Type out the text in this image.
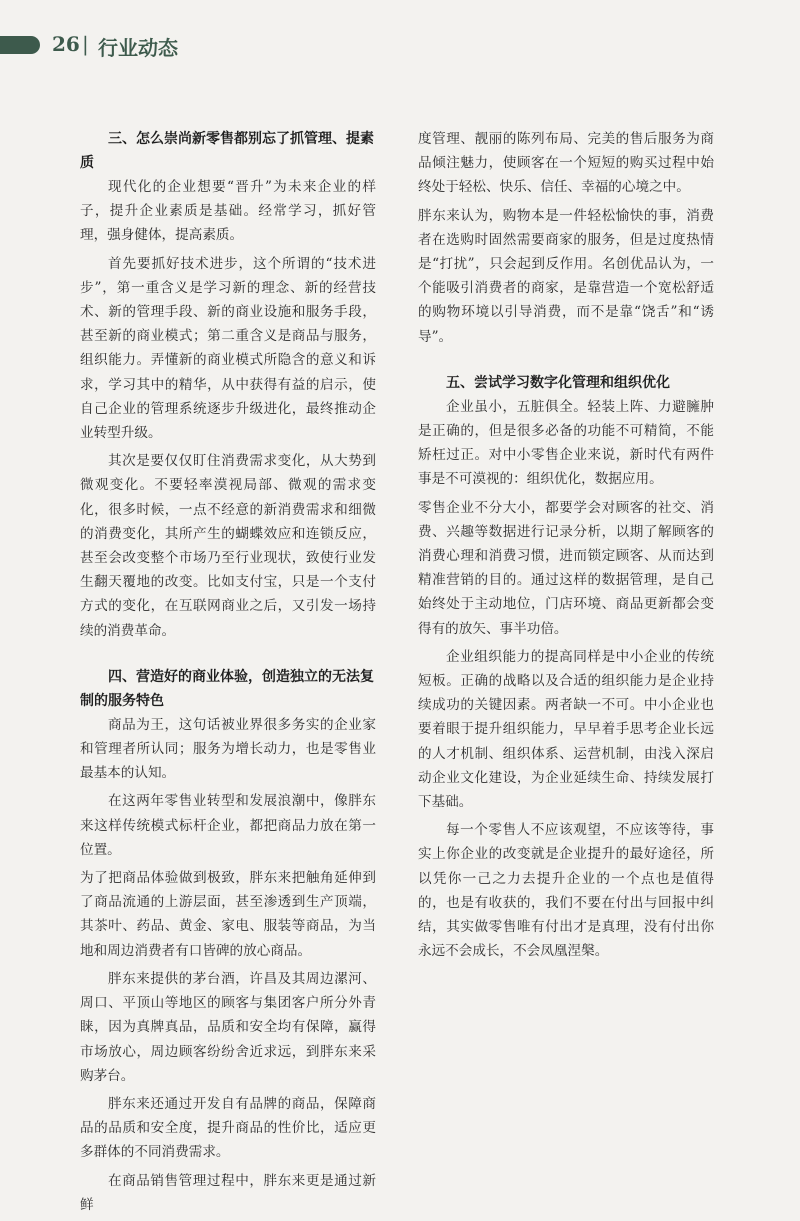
26 | 行业动态
三、怎么崇尚新零售都别忘了抓管理、提素质

现代化的企业想要“晋升”为未来企业的样子，提升企业素质是基础。经常学习，抓好管理，强身健体，提高素质。

首先要抓好技术进步，这个所谓的“技术进步”，第一重含义是学习新的理念、新的经营技术、新的管理手段、新的商业设施和服务手段，甚至新的商业模式；第二重含义是商品与服务，组织能力。弄懂新的商业模式所隐含的意义和诉求，学习其中的精华，从中获得有益的启示，使自己企业的管理系统逐步升级进化，最终推动企业转型升级。

其次是要仅仅盯住消费需求变化，从大势到微观变化。不要轻率漠视局部、微观的需求变化，很多时候，一点不经意的新消费需求和细微的消费变化，其所产生的蝴蝶效应和连锁反应，甚至会改变整个市场乃至行业现状，致使行业发生翻天覆地的改变。比如支付宝，只是一个支付方式的变化，在互联网商业之后，又引发一场持续的消费革命。

四、营造好的商业体验，创造独立的无法复制的服务特色

商品为王，这句话被业界很多务实的企业家和管理者所认同；服务为增长动力，也是零售业最基本的认知。

在这两年零售业转型和发展浪潮中，像胖东来这样传统模式标杆企业，都把商品力放在第一位置。

为了把商品体验做到极致，胖东来把触角延伸到了商品流通的上游层面，甚至渗透到生产顶端，其茶叶、药品、黄金、家电、服装等商品，为当地和周边消费者有口皆碑的放心商品。

胖东来提供的茅台酒，许昌及其周边漯河、周口、平顶山等地区的顾客与集团客户所分外青睐，因为真牌真品，品质和安全均有保障，赢得市场放心，周边顾客纷纷舍近求远，到胖东来采购茅台。

胖东来还通过开发自有品牌的商品，保障商品的品质和安全度，提升商品的性价比，适应更多群体的不同消费需求。

在商品销售管理过程中，胖东来更是通过新鲜

度管理、靓丽的陈列布局、完美的售后服务为商品倾注魅力，使顾客在一个短短的购买过程中始终处于轻松、快乐、信任、幸福的心境之中。

胖东来认为，购物本是一件轻松愉快的事，消费者在选购时固然需要商家的服务，但是过度热情是“打扰”，只会起到反作用。名创优品认为，一个能吸引消费者的商家，是靠营造一个宽松舒适的购物环境以引导消费，而不是靠“饶舌”和“诱导”。

五、尝试学习数字化管理和组织优化

企业虽小，五脏俱全。轻装上阵、力避臃肿是正确的，但是很多必备的功能不可精简，不能矫枉过正。对中小零售企业来说，新时代有两件事是不可漠视的：组织优化，数据应用。

零售企业不分大小，都要学会对顾客的社交、消费、兴趣等数据进行记录分析，以期了解顾客的消费心理和消费习惯，进而锁定顾客、从而达到精准营销的目的。通过这样的数据管理，是自己始终处于主动地位，门店环境、商品更新都会变得有的放矢、事半功倍。

企业组织能力的提高同样是中小企业的传统短板。正确的战略以及合适的组织能力是企业持续成功的关键因素。两者缺一不可。中小企业也要着眼于提升组织能力，早早着手思考企业长远的人才机制、组织体系、运营机制，由浅入深启动企业文化建设，为企业延续生命、持续发展打下基础。

每一个零售人不应该观望，不应该等待，事实上你企业的改变就是企业提升的最好途径，所以凭你一己之力去提升企业的一个点也是值得的，也是有收获的，我们不要在付出与回报中纠结，其实做零售唯有付出才是真理，没有付出你永远不会成长，不会凤凰涅槃。
